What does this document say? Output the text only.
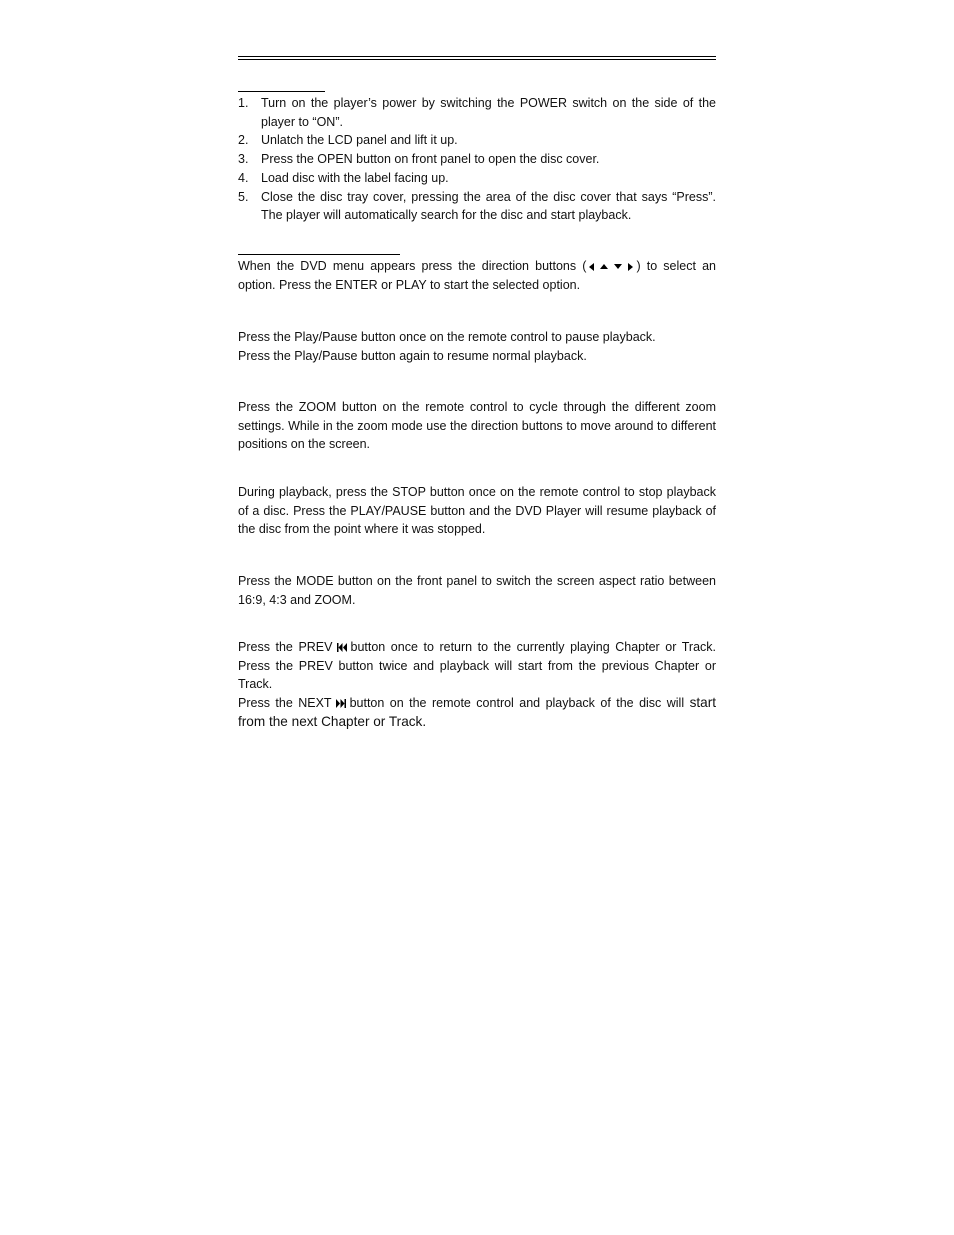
1. Turn on the player’s power by switching the POWER switch on the side of the player to “ON”.
2. Unlatch the LCD panel and lift it up.
3. Press the OPEN button on front panel to open the disc cover.
4. Load disc with the label facing up.
5. Close the disc tray cover, pressing the area of the disc cover that says “Press”. The player will automatically search for the disc and start playback.

When the DVD menu appears press the direction buttons (	) to select an option. Press the ENTER or PLAY to start the selected option.

Press the Play/Pause button once on the remote control to pause playback.

Press the Play/Pause button again to resume normal playback.

Press the ZOOM button on the remote control to cycle through the different zoom settings. While in the zoom mode use the direction buttons to move around to different positions on the screen.

During playback, press the STOP button once on the remote control to stop playback of a disc. Press the PLAY/PAUSE button and the DVD Player will resume playback of the disc from the point where it was stopped.

Press the MODE button on the front panel to switch the screen aspect ratio between 16:9, 4:3 and ZOOM.

Press the PREV button once to return to the currently playing Chapter or Track. Press the PREV button twice and playback will start from the previous Chapter or Track.

Press the NEXT button on the remote control and playback of the disc will start from the next Chapter or Track.
